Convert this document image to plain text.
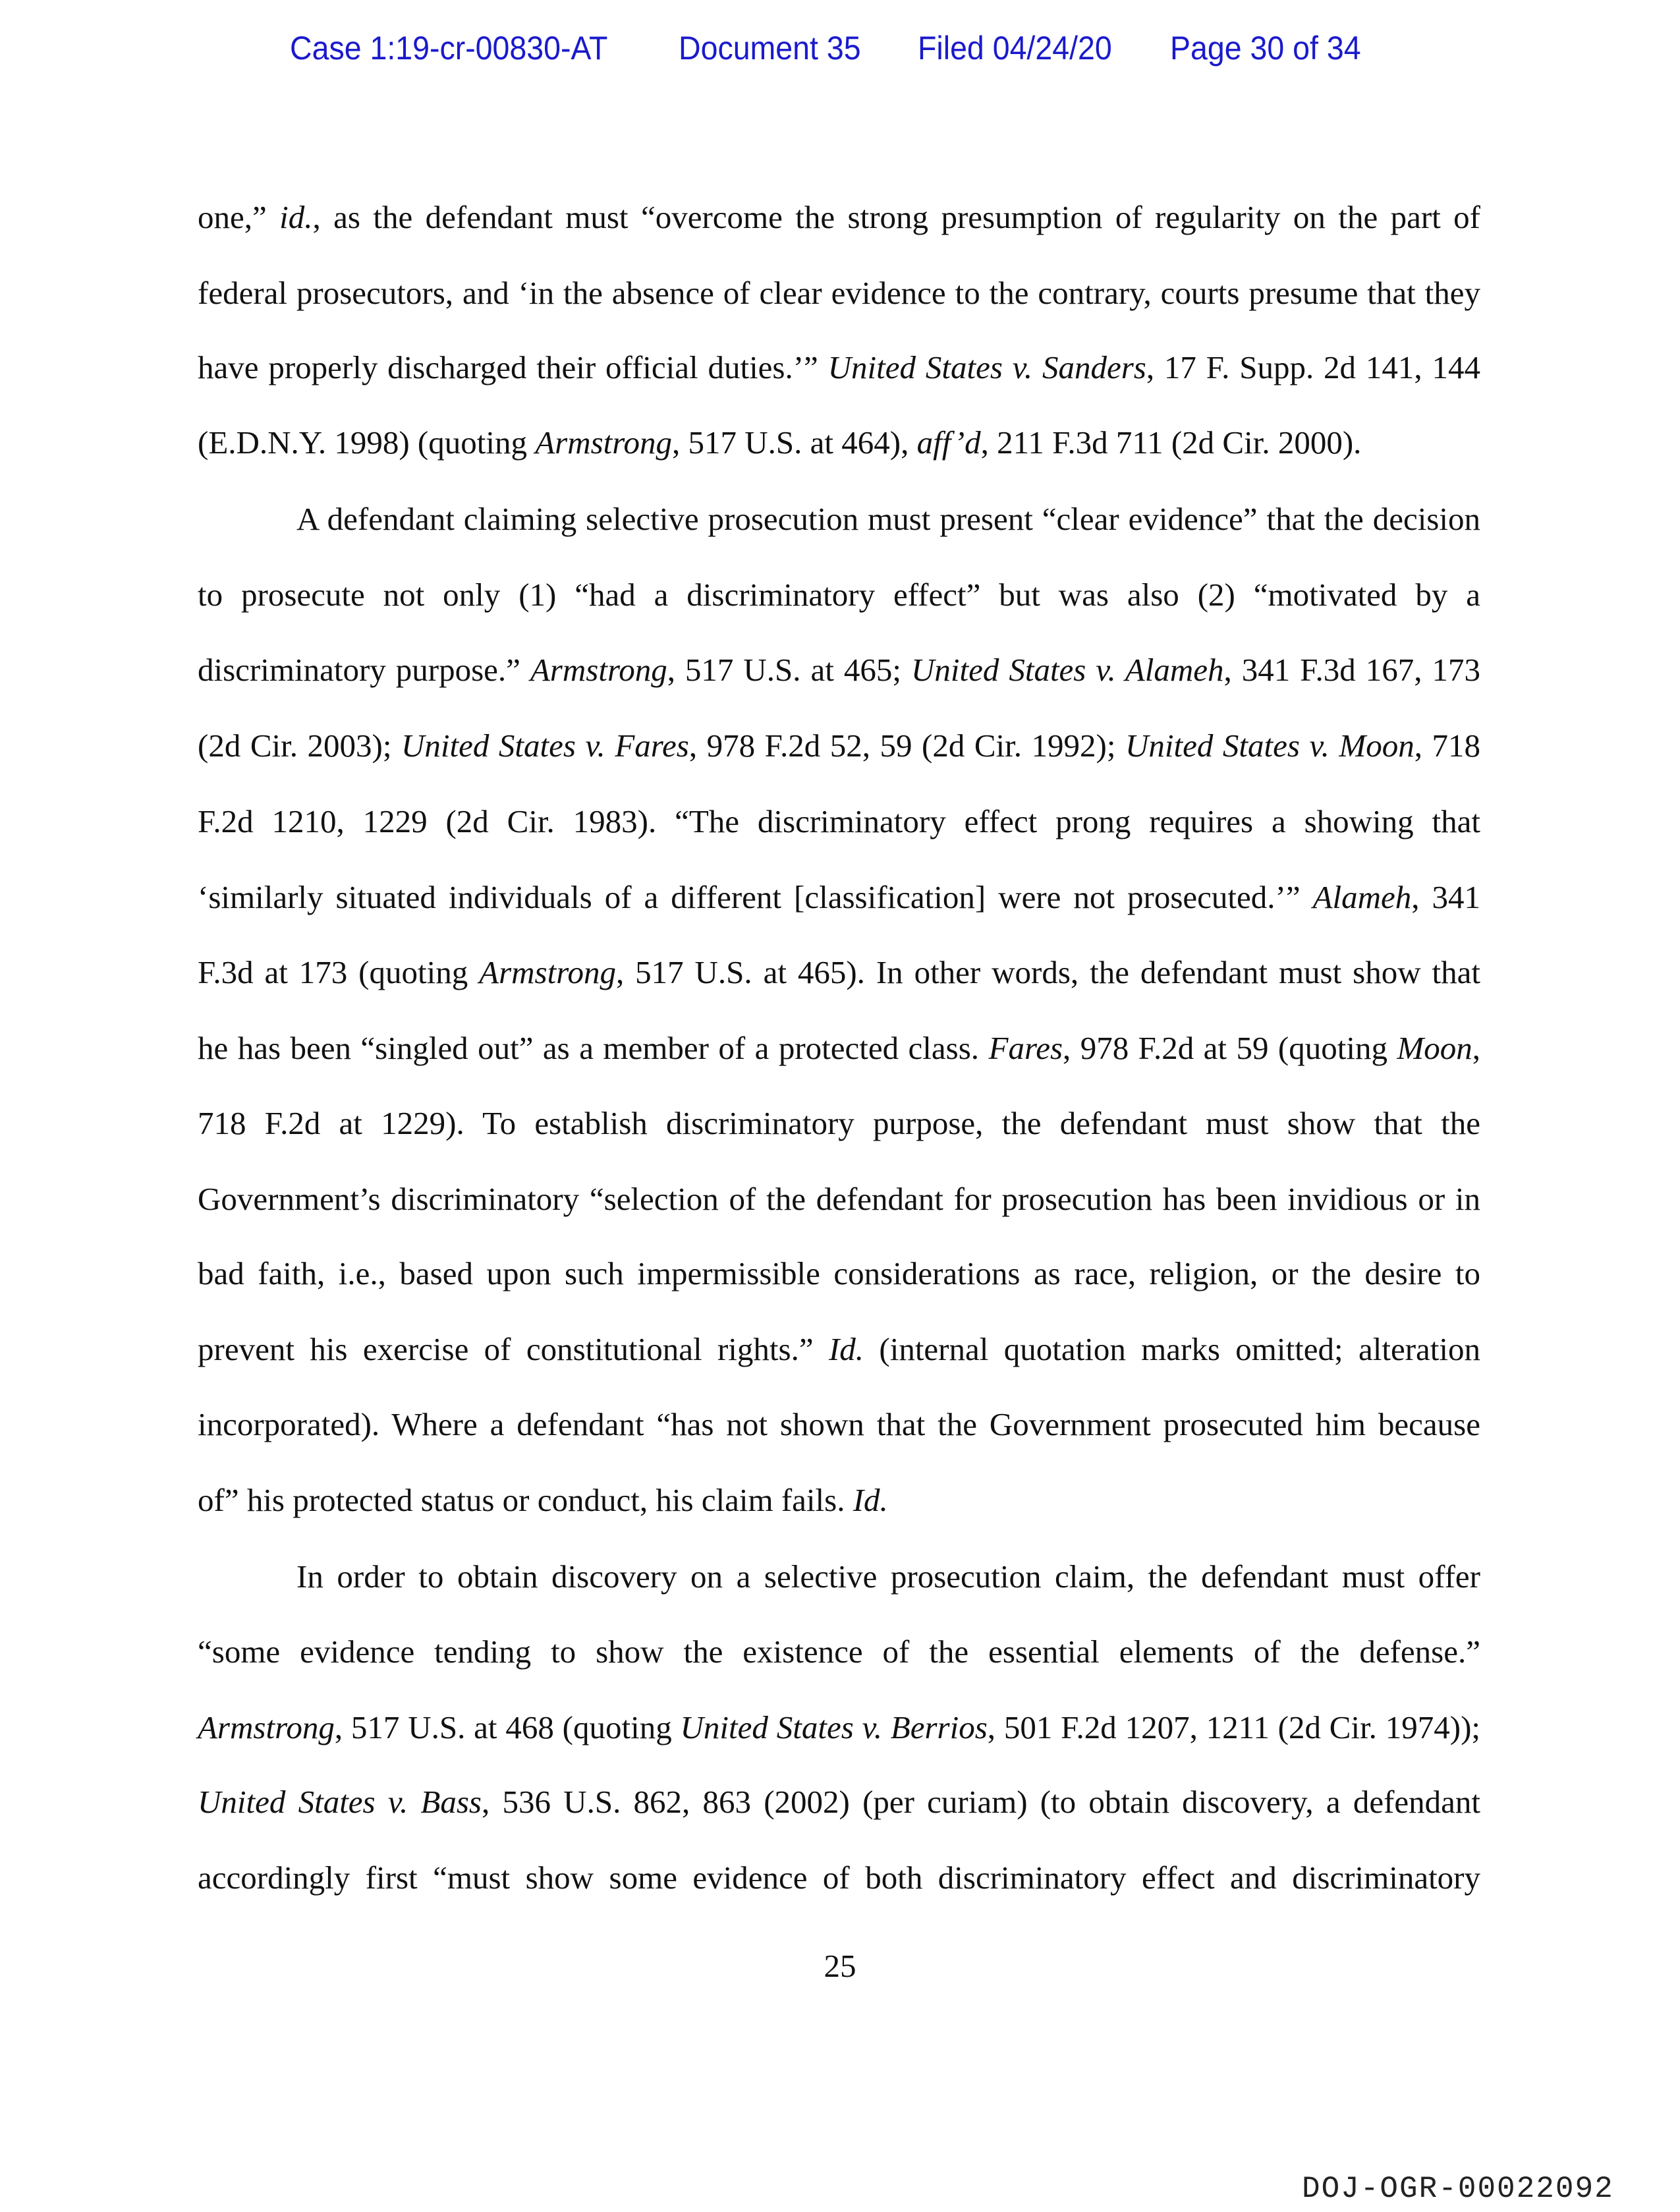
Case 1:19-cr-00830-AT Document 35 Filed 04/24/20 Page 30 of 34
one,” id., as the defendant must “overcome the strong presumption of regularity on the part of
federal prosecutors, and ‘in the absence of clear evidence to the contrary, courts presume that they
have properly discharged their official duties.’” United States v. Sanders, 17 F. Supp. 2d 141, 144
(E.D.N.Y. 1998) (quoting Armstrong, 517 U.S. at 464), aff’d, 211 F.3d 711 (2d Cir. 2000).
A defendant claiming selective prosecution must present “clear evidence” that the decision
to prosecute not only (1) “had a discriminatory effect” but was also (2) “motivated by a
discriminatory purpose.” Armstrong, 517 U.S. at 465; United States v. Alameh, 341 F.3d 167, 173
(2d Cir. 2003); United States v. Fares, 978 F.2d 52, 59 (2d Cir. 1992); United States v. Moon, 718
F.2d 1210, 1229 (2d Cir. 1983). “The discriminatory effect prong requires a showing that
‘similarly situated individuals of a different [classification] were not prosecuted.’” Alameh, 341
F.3d at 173 (quoting Armstrong, 517 U.S. at 465). In other words, the defendant must show that
he has been “singled out” as a member of a protected class. Fares, 978 F.2d at 59 (quoting Moon,
718 F.2d at 1229). To establish discriminatory purpose, the defendant must show that the
Government’s discriminatory “selection of the defendant for prosecution has been invidious or in
bad faith, i.e., based upon such impermissible considerations as race, religion, or the desire to
prevent his exercise of constitutional rights.” Id. (internal quotation marks omitted; alteration
incorporated). Where a defendant “has not shown that the Government prosecuted him because
of” his protected status or conduct, his claim fails. Id.
In order to obtain discovery on a selective prosecution claim, the defendant must offer
“some evidence tending to show the existence of the essential elements of the defense.”
Armstrong, 517 U.S. at 468 (quoting United States v. Berrios, 501 F.2d 1207, 1211 (2d Cir. 1974));
United States v. Bass, 536 U.S. 862, 863 (2002) (per curiam) (to obtain discovery, a defendant
accordingly first “must show some evidence of both discriminatory effect and discriminatory
25
DOJ-OGR-00022092
